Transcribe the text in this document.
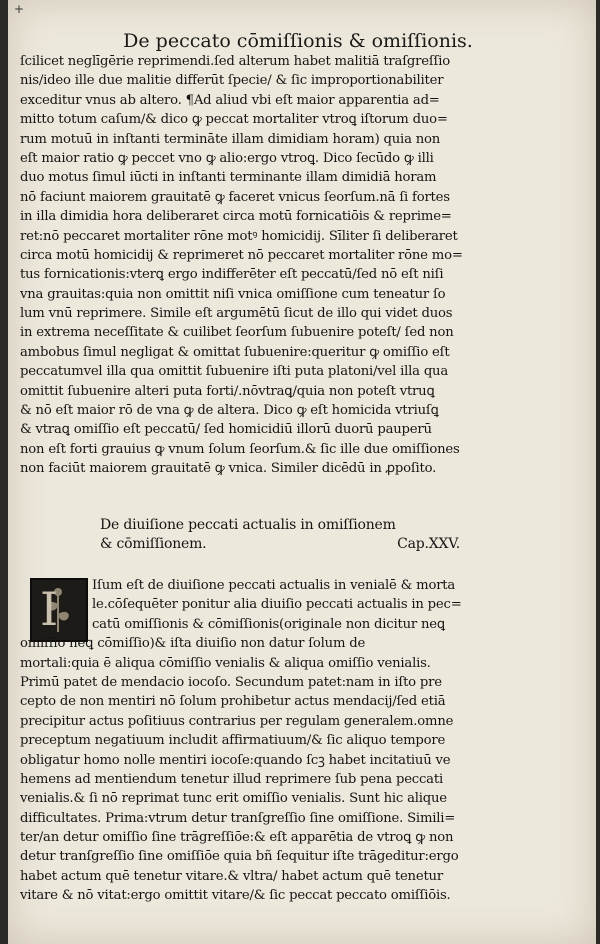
+
De peccato cōmiſſionis & omiſſionis.
ſcilicet neglīgērie reprimendi.ſed alterum habet malitiā traſgreſſio
nis/ideo ille due malitie differūt ſpecie/ & ſic improportionabiliter
exceditur vnus ab altero. ¶Ad aliud vbi eſt maior apparentia ad=
mitto totum caſum/& dico ꝙ peccat mortaliter vtroꝗ iſtorum duo=
rum motuū in inſtanti termināte illam dimidiam horam) quia non
eſt maior ratio ꝙ peccet vno ꝙ alio:ergo vtroꝗ. Dico ſecūdo ꝙ illi
duo motus ſimul iūcti in inſtanti terminante illam dimidiā horam
nō faciunt maiorem grauitatē ꝙ faceret vnicus ſeorſum.nā ſi fortes
in illa dimidia hora deliberaret circa motū fornicatiōis & reprime=
ret:nō peccaret mortaliter rōne motꝰ homicidij. Sīliter ſi deliberaret
circa motū homicidij & reprimeret nō peccaret mortaliter rōne mo=
tus fornicationis:vterꝗ ergo indifferēter eſt peccatū/ſed nō eſt niſi
vna grauitas:quia non omittit niſi vnica omiſſione cum teneatur ſo
lum vnū reprimere. Simile eſt argumētū ſicut de illo qui videt duos
in extrema neceſſitate & cuilibet ſeorſum ſubuenire poteſt/ ſed non
ambobus ſimul negligat & omittat ſubuenire:queritur ꝙ omiſſio eſt
peccatumvel illa qua omittit ſubuenire iſti puta platoni/vel illa qua
omittit ſubuenire alteri puta forti/.nōvtraꝗ/quia non poteſt vtruꝗ
& nō eſt maior rō de vna ꝙ de altera. Dico ꝙ eſt homicida vtriuſꝗ
& vtraꝗ omiſſio eſt peccatū/ ſed homicidiū illorū duorū pauperū
non eſt forti grauius ꝙ vnum ſolum ſeorſum.& ſic ille due omiſſiones
non faciūt maiorem grauitatē ꝙ vnica. Similer dicēdū in ꝓpoſito.
De diuiſione peccati actualis in omiſſionem
& cōmiſſionem.	Cap.XXV.
I	Iſum eſt de diuiſione peccati actualis in venialē & morta
le.cōſequēter ponitur alia diuiſio peccati actualis in pec=
catū omiſſionis & cōmiſſionis(originale non dicitur neꝗ
omiſſio neꝗ cōmiſſio)& iſta diuiſio non datur ſolum de
mortali:quia ē aliqua cōmiſſio venialis & aliqua omiſſio venialis.
Primū patet de mendacio iocoſo. Secundum patet:nam in iſto pre
cepto de non mentiri nō ſolum prohibetur actus mendacij/ſed etiā
precipitur actus poſitiuus contrarius per regulam generalem.omne
preceptum negatiuum includit affirmatiuum/& ſic aliquo tempore
obligatur homo nolle mentiri iocoſe:quando ſcꝫ habet incitatiuū ve
hemens ad mentiendum tenetur illud reprimere ſub pena peccati
venialis.& ſi nō reprimat tunc erit omiſſio venialis. Sunt hic alique
difficultates. Prima:vtrum detur tranſgreſſio ſine omiſſione. Simili=
ter/an detur omiſſio ſine trāgreſſiōe:& eſt apparētia de vtroꝗ ꝙ non
detur tranſgreſſio ſine omiſſiōe quia bñ ſequitur iſte trāgeditur:ergo
habet actum quē tenetur vitare.& vltra/ habet actum quē tenetur
vitare & nō vitat:ergo omittit vitare/& ſic peccat peccato omiſſiōis.
